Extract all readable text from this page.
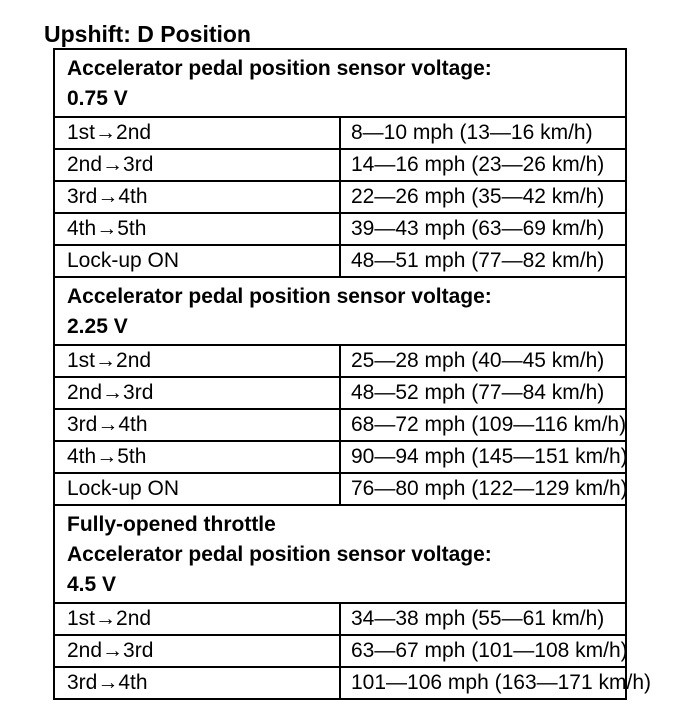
Upshift: D Position
Accelerator pedal position sensor voltage:
0.75 V	

1st→2nd	8—10 mph (13—16 km/h)
2nd→3rd	14—16 mph (23—26 km/h)
3rd→4th	22—26 mph (35—42 km/h)
4th→5th	39—43 mph (63—69 km/h)
Lock-up ON	48—51 mph (77—82 km/h)

Accelerator pedal position sensor voltage:
2.25 V	

1st→2nd	25—28 mph (40—45 km/h)
2nd→3rd	48—52 mph (77—84 km/h)
3rd→4th	68—72 mph (109—116 km/h)
4th→5th	90—94 mph (145—151 km/h)
Lock-up ON	76—80 mph (122—129 km/h)

Fully-opened throttle
Accelerator pedal position sensor voltage:
4.5 V	

1st→2nd	34—38 mph (55—61 km/h)
2nd→3rd	63—67 mph (101—108 km/h)
3rd→4th	101—106 mph (163—171 km/h)
